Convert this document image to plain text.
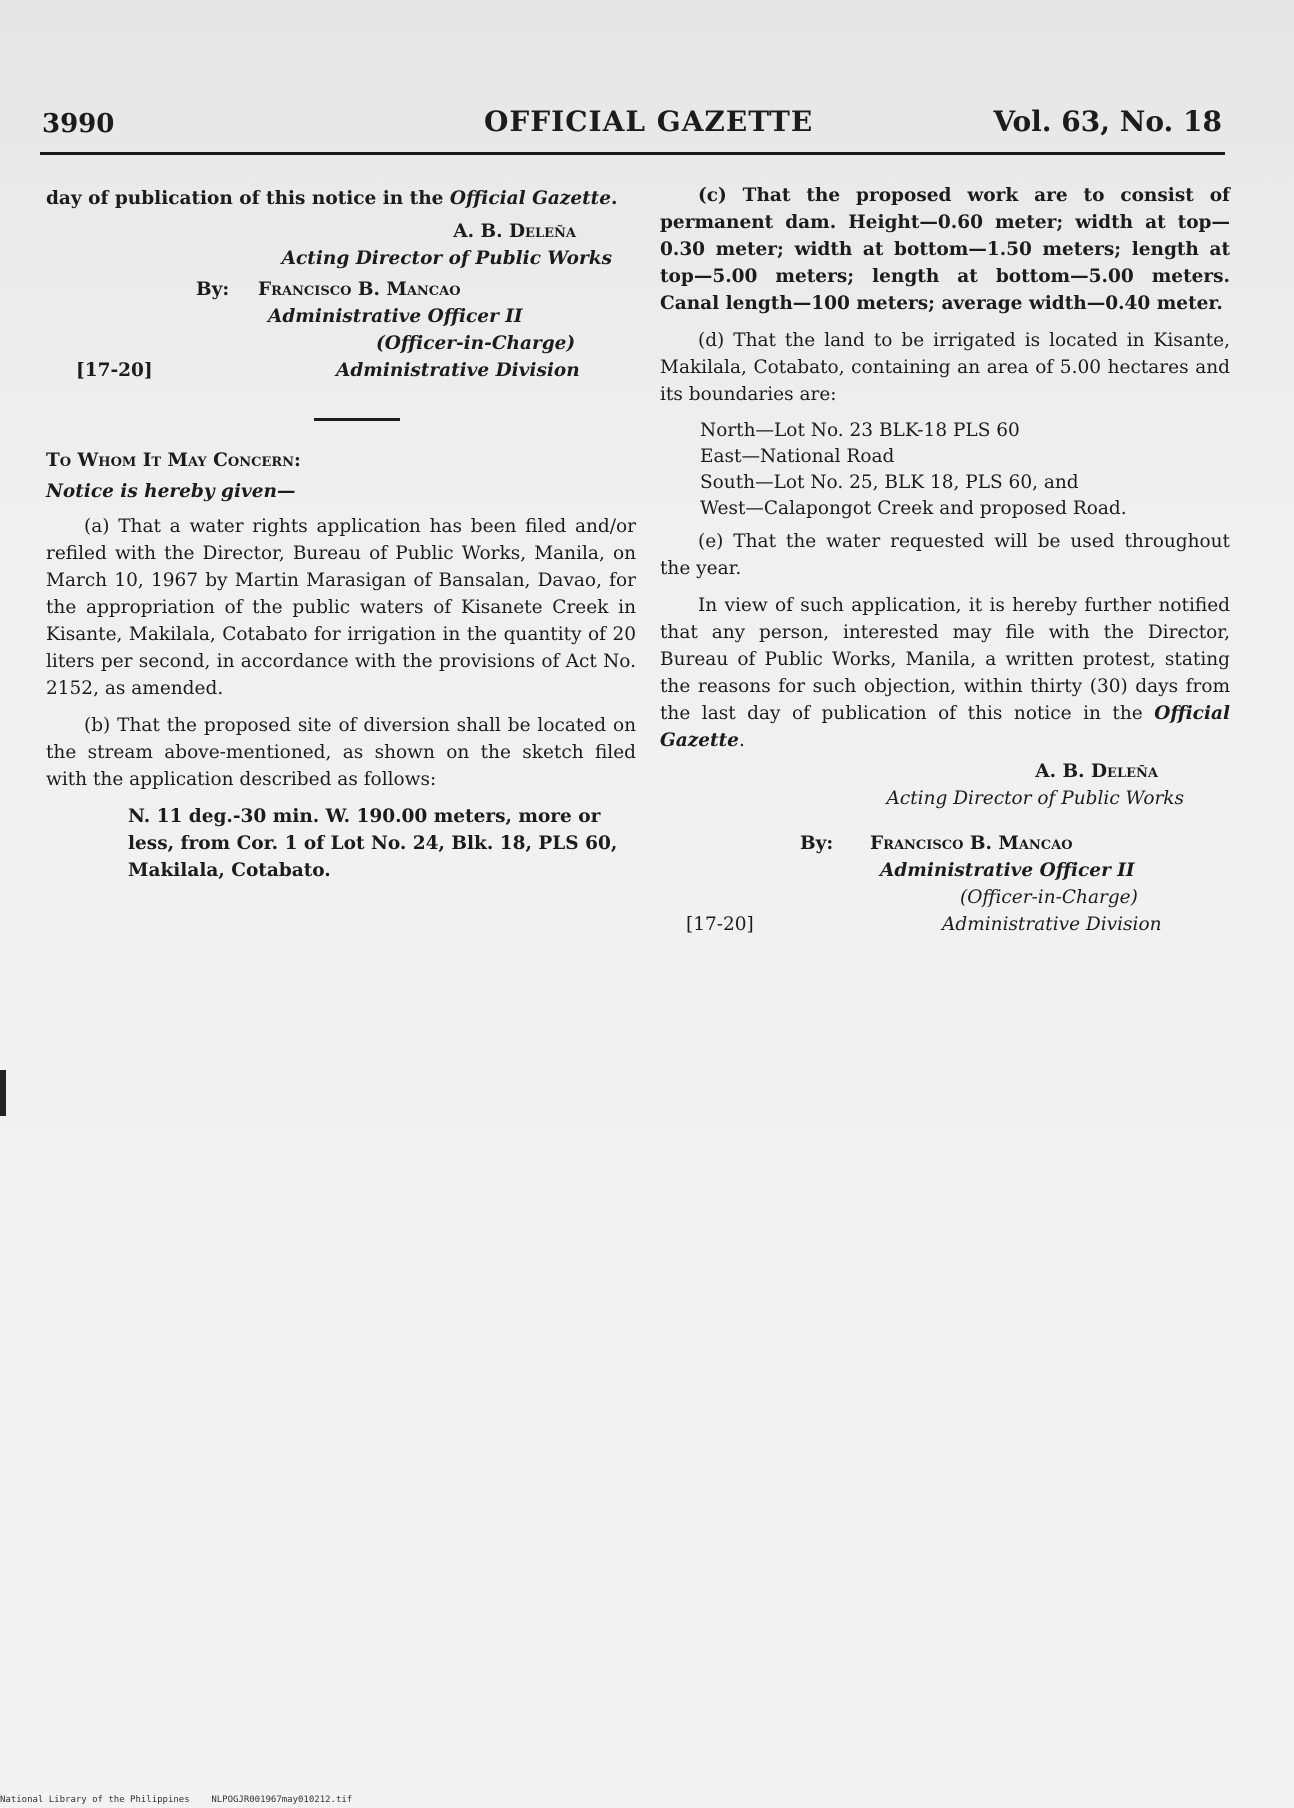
3990	OFFICIAL GAZETTE	Vol. 63, No. 18

day of publication of this notice in the Official Gazette.

A. B. Deleña
Acting Director of Public Works
By: Francisco B. Mancao
Administrative Officer II
(Officer-in-Charge)
[17-20]	Administrative Division
To Whom It May Concern:
Notice is hereby given—

(a) That a water rights application has been filed and/or refiled with the Director, Bureau of Public Works, Manila, on March 10, 1967 by Martin Marasigan of Bansalan, Davao, for the appropriation of the public waters of Kisanete Creek in Kisante, Makilala, Cotabato for irrigation in the quantity of 20 liters per second, in accordance with the provisions of Act No. 2152, as amended.

(b) That the proposed site of diversion shall be located on the stream above-mentioned, as shown on the sketch filed with the application described as follows:

N. 11 deg.-30 min. W. 190.00 meters, more or less, from Cor. 1 of Lot No. 24, Blk. 18, PLS 60, Makilala, Cotabato.

(c) That the proposed work are to consist of permanent dam. Height—0.60 meter; width at top—0.30 meter; width at bottom—1.50 meters; length at top—5.00 meters; length at bottom—5.00 meters. Canal length—100 meters; average width—0.40 meter.

(d) That the land to be irrigated is located in Kisante, Makilala, Cotabato, containing an area of 5.00 hectares and its boundaries are:

North—Lot No. 23 BLK-18 PLS 60
East—National Road
South—Lot No. 25, BLK 18, PLS 60, and
West—Calapongot Creek and proposed Road.

(e) That the water requested will be used throughout the year.

In view of such application, it is hereby further notified that any person, interested may file with the Director, Bureau of Public Works, Manila, a written protest, stating the reasons for such objection, within thirty (30) days from the last day of publication of this notice in the Official Gazette.

A. B. Deleña
Acting Director of Public Works
By: Francisco B. Mancao
Administrative Officer II
(Officer-in-Charge)
[17-20]	Administrative Division
National Library of the Philippines    NLPOGJR001967may010212.tif
